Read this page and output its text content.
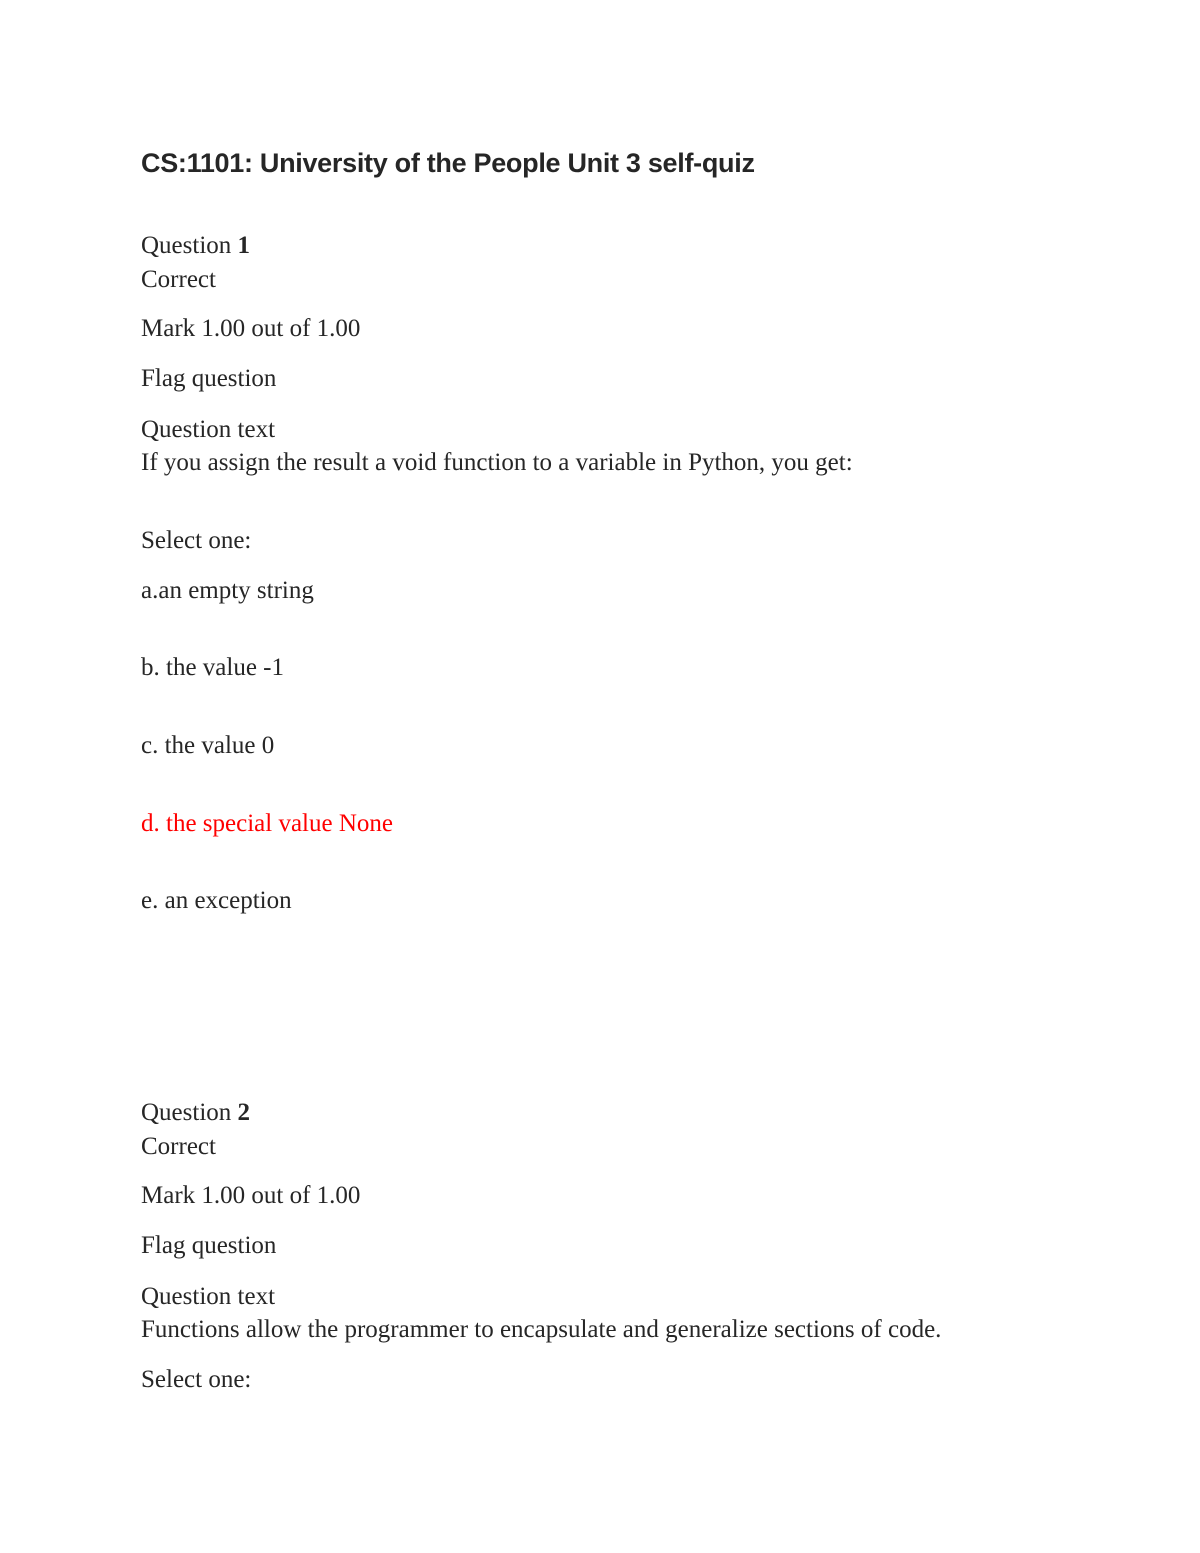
CS:1101: University of the People Unit 3 self-quiz
Question 1
Correct
Mark 1.00 out of 1.00
Flag question
Question text
If you assign the result a void function to a variable in Python, you get:
Select one:
a.an empty string
b. the value -1
c. the value 0
d. the special value None
e. an exception
Question 2
Correct
Mark 1.00 out of 1.00
Flag question
Question text
Functions allow the programmer to encapsulate and generalize sections of code.
Select one:
